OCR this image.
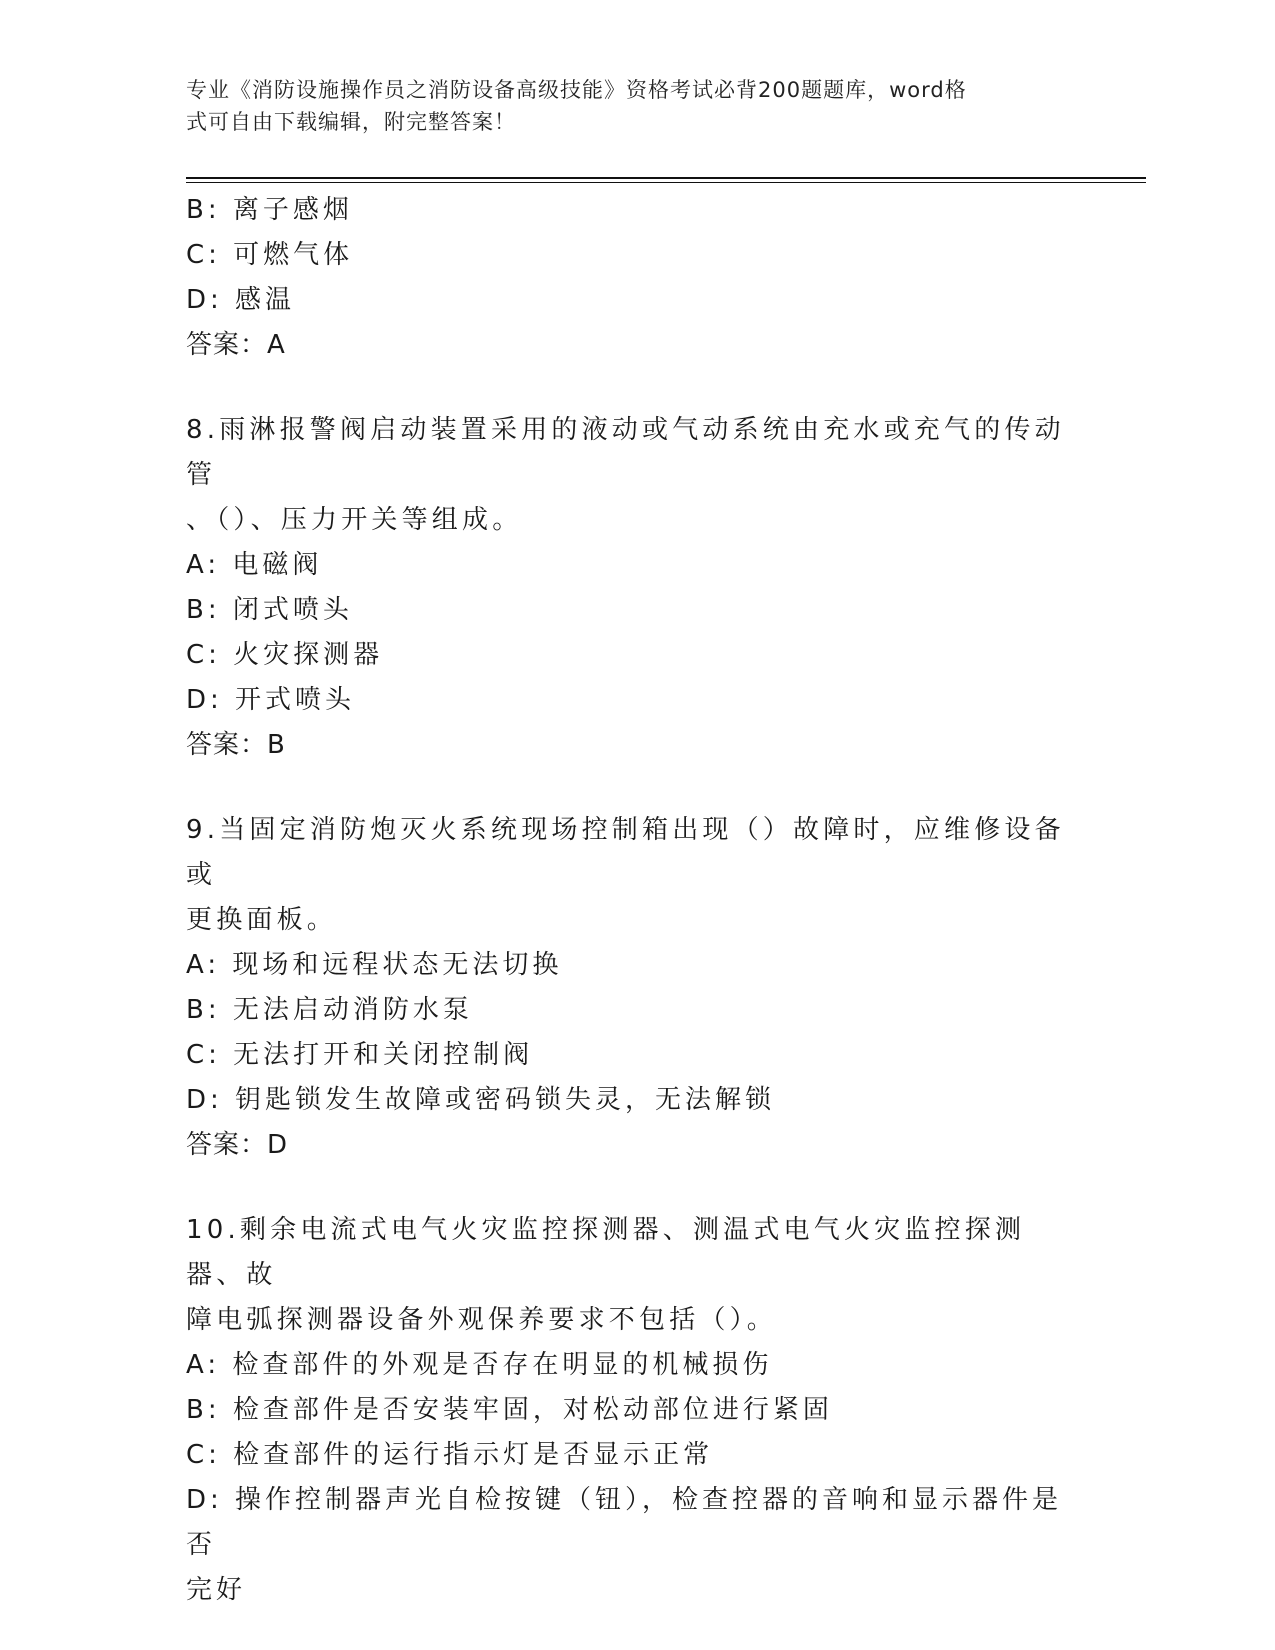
专业《消防设施操作员之消防设备高级技能》资格考试必背200题题库，word格
式可自由下载编辑，附完整答案！
B: 离子感烟
C: 可燃气体
D: 感温
答案：A
8.雨淋报警阀启动装置采用的液动或气动系统由充水或充气的传动管
、（）、压力开关等组成。
A: 电磁阀
B: 闭式喷头
C: 火灾探测器
D: 开式喷头
答案：B
9.当固定消防炮灭火系统现场控制箱出现（）故障时，应维修设备或
更换面板。
A: 现场和远程状态无法切换
B: 无法启动消防水泵
C: 无法打开和关闭控制阀
D: 钥匙锁发生故障或密码锁失灵，无法解锁
答案：D
10.剩余电流式电气火灾监控探测器、测温式电气火灾监控探测器、故
障电弧探测器设备外观保养要求不包括（）。
A: 检查部件的外观是否存在明显的机械损伤
B: 检查部件是否安装牢固，对松动部位进行紧固
C: 检查部件的运行指示灯是否显示正常
D: 操作控制器声光自检按键（钮），检查控器的音响和显示器件是否
完好
